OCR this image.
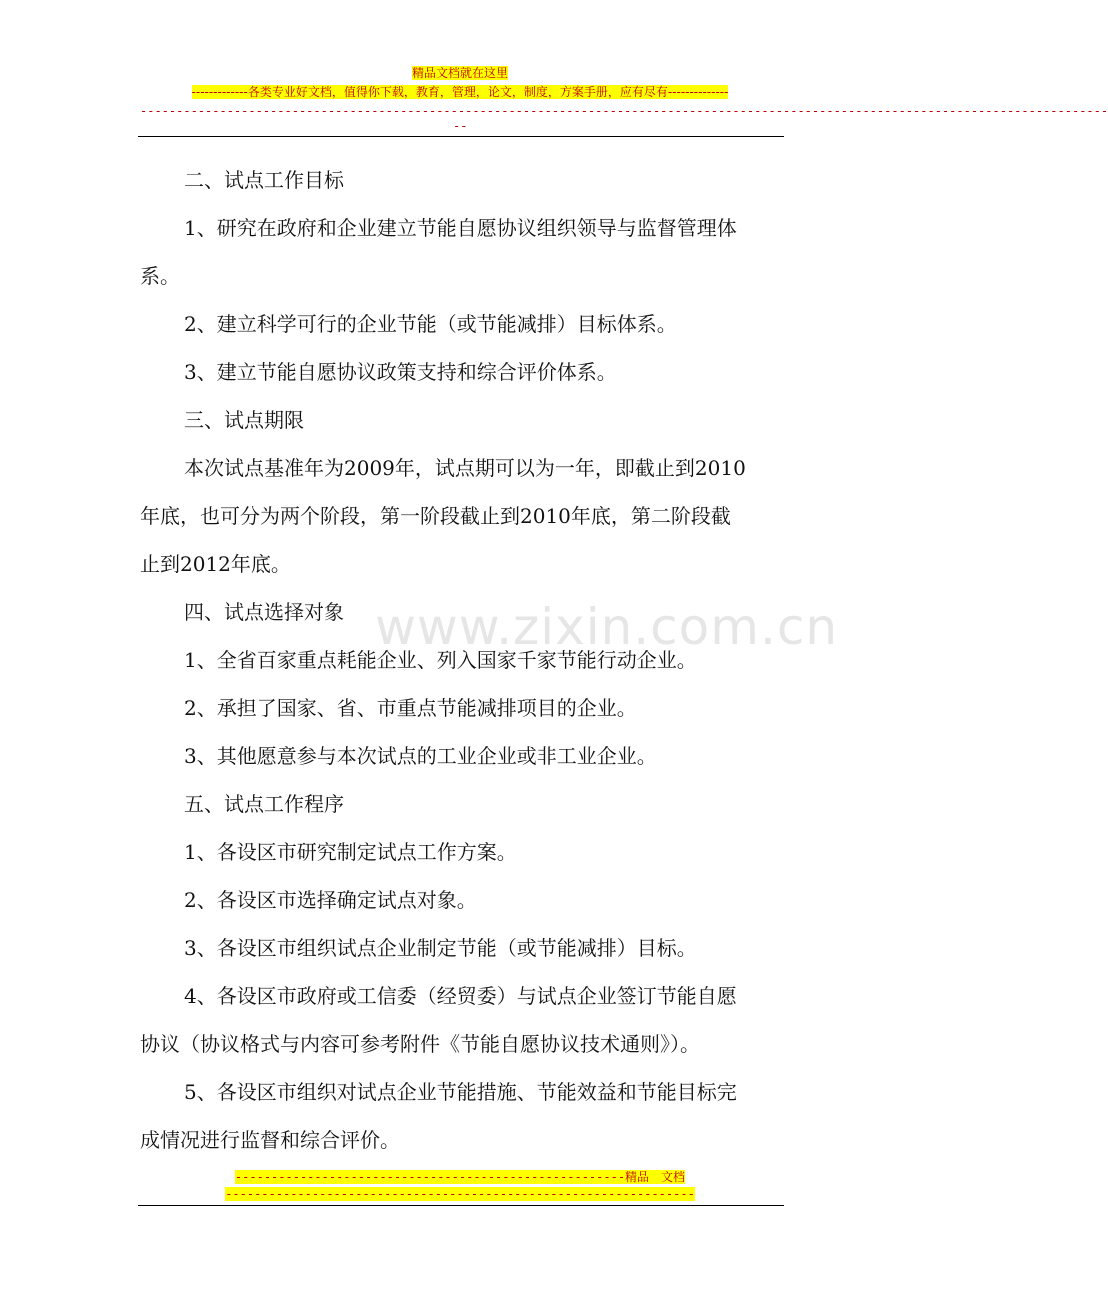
精品文档就在这里
-------------各类专业好文档，值得你下载，教育，管理，论文，制度，方案手册，应有尽有--------------
--------------------------------------------------------------------------------------------------------------------------------------
--
www.zixin.com.cn
二、试点工作目标
1、研究在政府和企业建立节能自愿协议组织领导与监督管理体
系。
2、建立科学可行的企业节能（或节能减排）目标体系。
3、建立节能自愿协议政策支持和综合评价体系。
三、试点期限
本次试点基准年为2009年，试点期可以为一年，即截止到2010
年底，也可分为两个阶段，第一阶段截止到2010年底，第二阶段截
止到2012年底。
四、试点选择对象
1、全省百家重点耗能企业、列入国家千家节能行动企业。
2、承担了国家、省、市重点节能减排项目的企业。
3、其他愿意参与本次试点的工业企业或非工业企业。
五、试点工作程序
1、各设区市研究制定试点工作方案。
2、各设区市选择确定试点对象。
3、各设区市组织试点企业制定节能（或节能减排）目标。
4、各设区市政府或工信委（经贸委）与试点企业签订节能自愿
协议（协议格式与内容可参考附件《节能自愿协议技术通则》）。
5、各设区市组织对试点企业节能措施、节能效益和节能目标完
成情况进行监督和综合评价。
------------------------------------------------------精品　文档
-----------------------------------------------------------------
